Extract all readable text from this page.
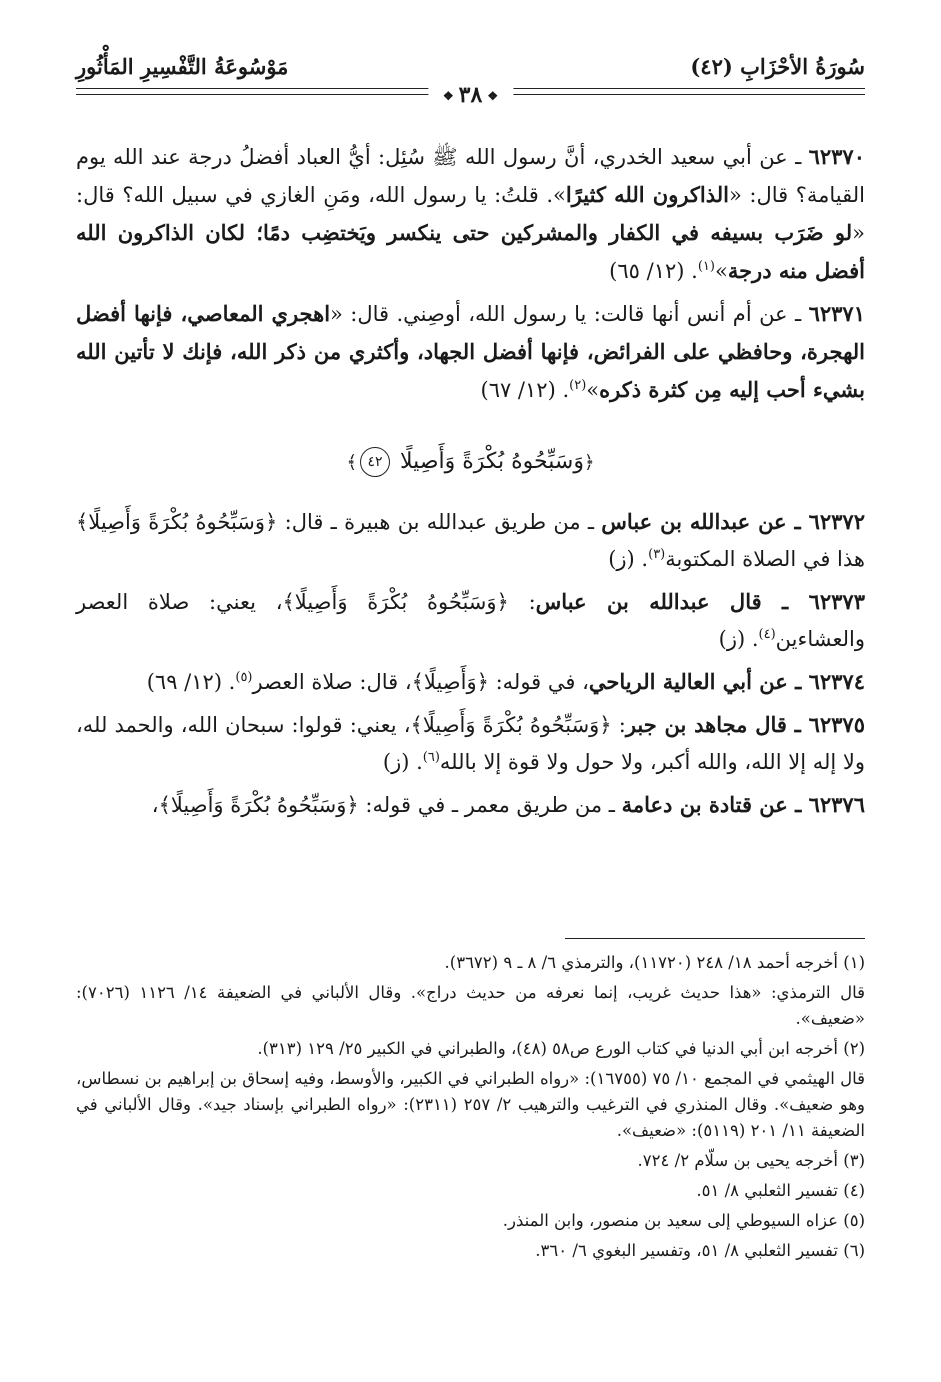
سُورَةُ الأحْزَابِ (٤٢)
مَوْسُوعَةُ التَّفْسِيرِ المَأْثُورِ
❖٣٨❖

٦٢٣٧٠ ـ عن أبي سعيد الخدري، أنَّ رسول الله ﷺ سُئِل: أيُّ العباد أفضلُ درجة عند الله يوم القيامة؟ قال: «الذاكرون الله كثيرًا». قلتُ: يا رسول الله، ومَنِ الغازي في سبيل الله؟ قال: «لو ضَرَب بسيفه في الكفار والمشركين حتى ينكسر ويَختضِب دمًا؛ لكان الذاكرون الله أفضل منه درجة»$^{(١)}$. (١٢/ ٦٥)

٦٢٣٧١ ـ عن أم أنس أنها قالت: يا رسول الله، أوصِني. قال: «اهجري المعاصي، فإنها أفضل الهجرة، وحافظي على الفرائض، فإنها أفضل الجهاد، وأكثري من ذكر الله، فإنك لا تأتين الله بشيء أحب إليه مِن كثرة ذكره»$^{(٢)}$. (١٢/ ٦٧)

﴿وَسَبِّحُوهُ بُكْرَةً وَأَصِيلًا ٤٢﴾

٦٢٣٧٢ ـ عن عبدالله بن عباس ـ من طريق عبدالله بن هبيرة ـ قال: ﴿وَسَبِّحُوهُ بُكْرَةً وَأَصِيلًا﴾ هذا في الصلاة المكتوبة$^{(٣)}$. (ز)

٦٢٣٧٣ ـ قال عبدالله بن عباس: ﴿وَسَبِّحُوهُ بُكْرَةً وَأَصِيلًا﴾، يعني: صلاة العصر والعشاءين$^{(٤)}$. (ز)

٦٢٣٧٤ ـ عن أبي العالية الرياحي، في قوله: ﴿وَأَصِيلًا﴾، قال: صلاة العصر$^{(٥)}$. (١٢/ ٦٩)

٦٢٣٧٥ ـ قال مجاهد بن جبر: ﴿وَسَبِّحُوهُ بُكْرَةً وَأَصِيلًا﴾، يعني: قولوا: سبحان الله، والحمد لله، ولا إله إلا الله، والله أكبر، ولا حول ولا قوة إلا بالله$^{(٦)}$. (ز)

٦٢٣٧٦ ـ عن قتادة بن دعامة ـ من طريق معمر ـ في قوله: ﴿وَسَبِّحُوهُ بُكْرَةً وَأَصِيلًا﴾،

(١) أخرجه أحمد ١٨/ ٢٤٨ (١١٧٢٠)، والترمذي ٦/ ٨ ـ ٩ (٣٦٧٢).

قال الترمذي: «هذا حديث غريب، إنما نعرفه من حديث دراج». وقال الألباني في الضعيفة ١٤/ ١١٢٦ (٧٠٢٦): «ضعيف».

(٢) أخرجه ابن أبي الدنيا في كتاب الورع ص٥٨ (٤٨)، والطبراني في الكبير ٢٥/ ١٢٩ (٣١٣).

قال الهيثمي في المجمع ١٠/ ٧٥ (١٦٧٥٥): «رواه الطبراني في الكبير، والأوسط، وفيه إسحاق بن إبراهيم بن نسطاس، وهو ضعيف». وقال المنذري في الترغيب والترهيب ٢/ ٢٥٧ (٢٣١١): «رواه الطبراني بإسناد جيد». وقال الألباني في الضعيفة ١١/ ٢٠١ (٥١١٩): «ضعيف».

(٣) أخرجه يحيى بن سلّام ٢/ ٧٢٤.

(٤) تفسير الثعلبي ٨/ ٥١.

(٥) عزاه السيوطي إلى سعيد بن منصور، وابن المنذر.

(٦) تفسير الثعلبي ٨/ ٥١، وتفسير البغوي ٦/ ٣٦٠.
